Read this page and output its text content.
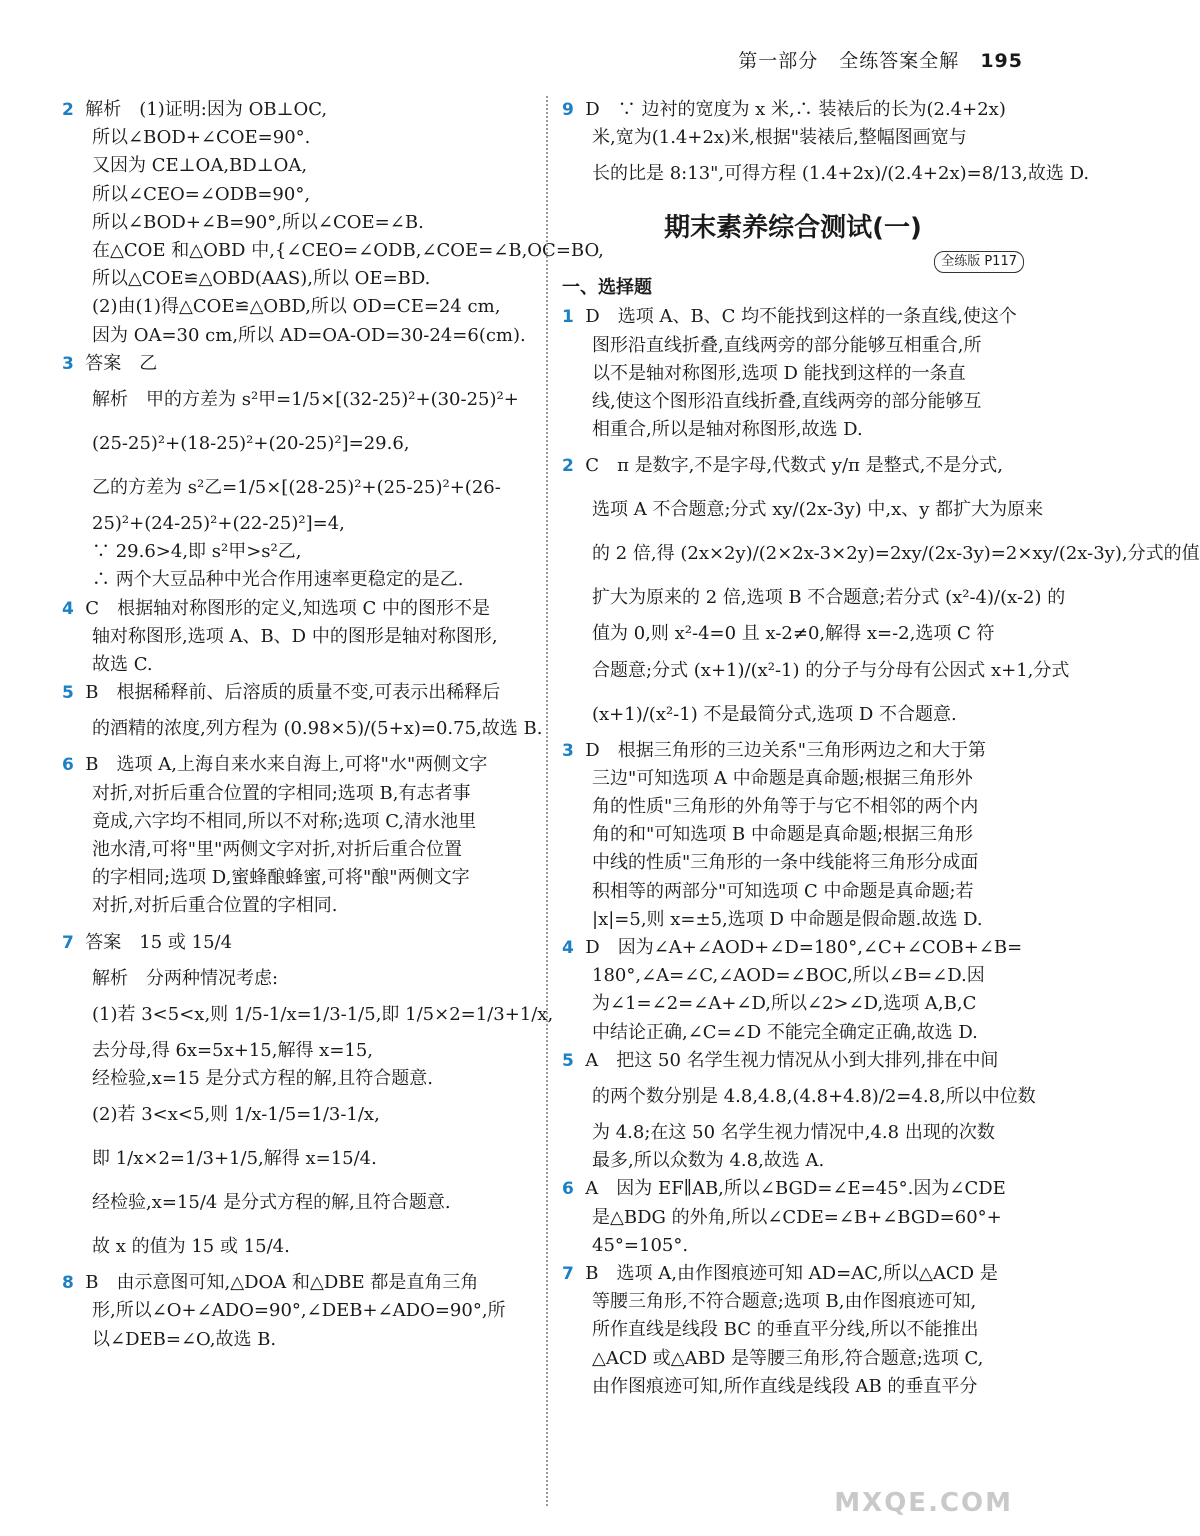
第一部分 全练答案全解 195
2 解析　(1)证明:因为 OB⊥OC,
所以∠BOD+∠COE=90°.
又因为 CE⊥OA,BD⊥OA,
所以∠CEO=∠ODB=90°,
所以∠BOD+∠B=90°,所以∠COE=∠B.
在△COE 和△OBD 中,{∠CEO=∠ODB,∠COE=∠B,OC=BO,
所以△COE≌△OBD(AAS),所以 OE=BD.
(2)由(1)得△COE≌△OBD,所以 OD=CE=24 cm,
因为 OA=30 cm,所以 AD=OA-OD=30-24=6(cm).
3 答案　乙
解析　甲的方差为 s²甲=1/5×[(32-25)²+(30-25)²+
(25-25)²+(18-25)²+(20-25)²]=29.6,
乙的方差为 s²乙=1/5×[(28-25)²+(25-25)²+(26-
25)²+(24-25)²+(22-25)²]=4,
∵ 29.6>4,即 s²甲>s²乙,
∴ 两个大豆品种中光合作用速率更稳定的是乙.
4 C　根据轴对称图形的定义,知选项 C 中的图形不是
轴对称图形,选项 A、B、D 中的图形是轴对称图形,
故选 C.
5 B　根据稀释前、后溶质的质量不变,可表示出稀释后
的酒精的浓度,列方程为 (0.98×5)/(5+x)=0.75,故选 B.
6 B　选项 A,上海自来水来自海上,可将"水"两侧文字
对折,对折后重合位置的字相同;选项 B,有志者事
竟成,六字均不相同,所以不对称;选项 C,清水池里
池水清,可将"里"两侧文字对折,对折后重合位置
的字相同;选项 D,蜜蜂酿蜂蜜,可将"酿"两侧文字
对折,对折后重合位置的字相同.
7 答案　15 或 15/4
解析　分两种情况考虑:
(1)若 3<5<x,则 1/5-1/x=1/3-1/5,即 1/5×2=1/3+1/x,
去分母,得 6x=5x+15,解得 x=15,
经检验,x=15 是分式方程的解,且符合题意.
(2)若 3<x<5,则 1/x-1/5=1/3-1/x,
即 1/x×2=1/3+1/5,解得 x=15/4.
经检验,x=15/4 是分式方程的解,且符合题意.
故 x 的值为 15 或 15/4.
8 B　由示意图可知,△DOA 和△DBE 都是直角三角
形,所以∠O+∠ADO=90°,∠DEB+∠ADO=90°,所
以∠DEB=∠O,故选 B.
9 D　∵ 边衬的宽度为 x 米,∴ 装裱后的长为(2.4+2x)
米,宽为(1.4+2x)米,根据"装裱后,整幅图画宽与
长的比是 8:13",可得方程 (1.4+2x)/(2.4+2x)=8/13,故选 D.
期末素养综合测试(一)
全练版 P117
一、选择题
1 D　选项 A、B、C 均不能找到这样的一条直线,使这个
图形沿直线折叠,直线两旁的部分能够互相重合,所
以不是轴对称图形,选项 D 能找到这样的一条直
线,使这个图形沿直线折叠,直线两旁的部分能够互
相重合,所以是轴对称图形,故选 D.
2 C　π 是数字,不是字母,代数式 y/π 是整式,不是分式,
选项 A 不合题意;分式 xy/(2x-3y) 中,x、y 都扩大为原来
的 2 倍,得 (2x×2y)/(2×2x-3×2y)=2xy/(2x-3y)=2×xy/(2x-3y),分式的值
扩大为原来的 2 倍,选项 B 不合题意;若分式 (x²-4)/(x-2) 的
值为 0,则 x²-4=0 且 x-2≠0,解得 x=-2,选项 C 符
合题意;分式 (x+1)/(x²-1) 的分子与分母有公因式 x+1,分式
(x+1)/(x²-1) 不是最简分式,选项 D 不合题意.
3 D　根据三角形的三边关系"三角形两边之和大于第
三边"可知选项 A 中命题是真命题;根据三角形外
角的性质"三角形的外角等于与它不相邻的两个内
角的和"可知选项 B 中命题是真命题;根据三角形
中线的性质"三角形的一条中线能将三角形分成面
积相等的两部分"可知选项 C 中命题是真命题;若
|x|=5,则 x=±5,选项 D 中命题是假命题.故选 D.
4 D　因为∠A+∠AOD+∠D=180°,∠C+∠COB+∠B=
180°,∠A=∠C,∠AOD=∠BOC,所以∠B=∠D.因
为∠1=∠2=∠A+∠D,所以∠2>∠D,选项 A,B,C
中结论正确,∠C=∠D 不能完全确定正确,故选 D.
5 A　把这 50 名学生视力情况从小到大排列,排在中间
的两个数分别是 4.8,4.8,(4.8+4.8)/2=4.8,所以中位数
为 4.8;在这 50 名学生视力情况中,4.8 出现的次数
最多,所以众数为 4.8,故选 A.
6 A　因为 EF∥AB,所以∠BGD=∠E=45°.因为∠CDE
是△BDG 的外角,所以∠CDE=∠B+∠BGD=60°+
45°=105°.
7 B　选项 A,由作图痕迹可知 AD=AC,所以△ACD 是
等腰三角形,不符合题意;选项 B,由作图痕迹可知,
所作直线是线段 BC 的垂直平分线,所以不能推出
△ACD 或△ABD 是等腰三角形,符合题意;选项 C,
由作图痕迹可知,所作直线是线段 AB 的垂直平分
MXQE.COM
